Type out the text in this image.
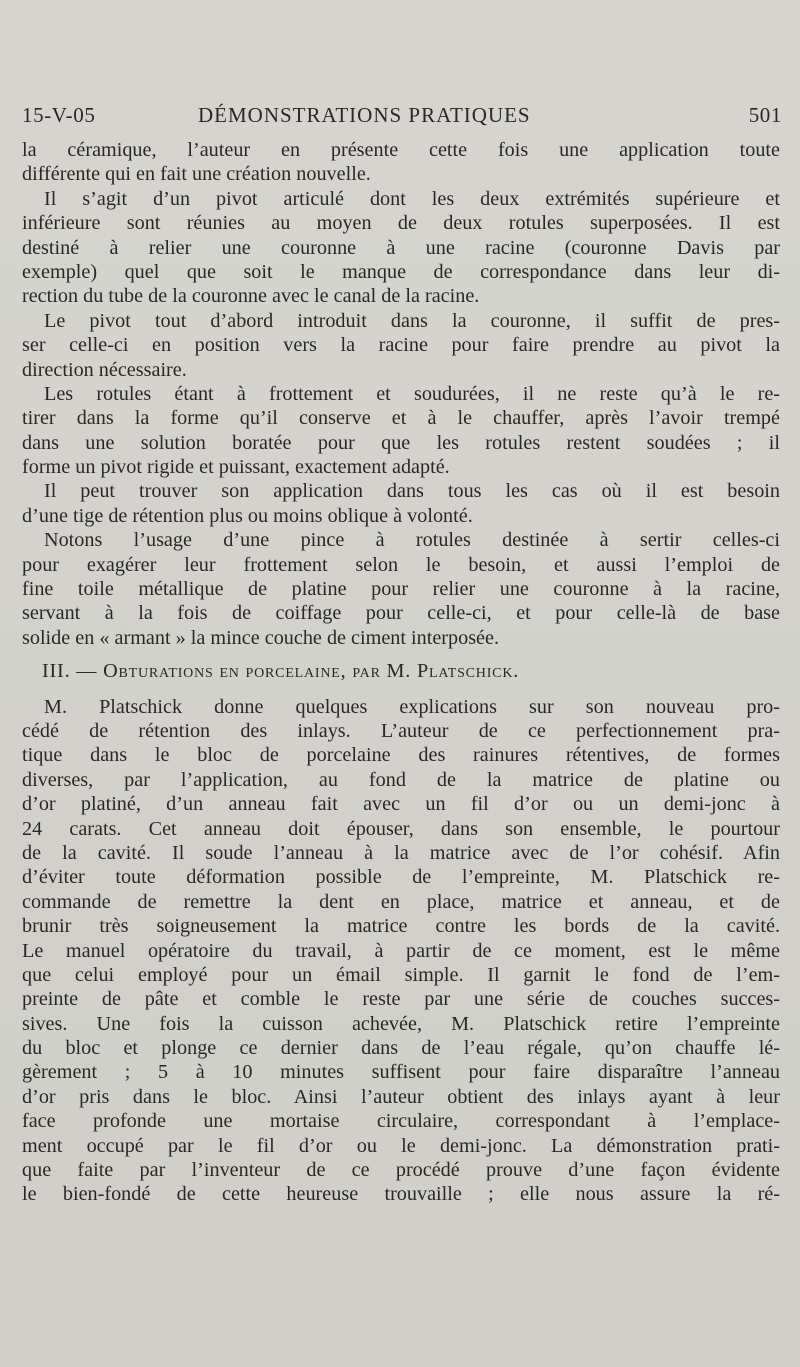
15-V-05	DÉMONSTRATIONS PRATIQUES	501
la céramique, l’auteur en présente cette fois une application toute
différente qui en fait une création nouvelle.
Il s’agit d’un pivot articulé dont les deux extrémités supérieure et
inférieure sont réunies au moyen de deux rotules superposées. Il est
destiné à relier une couronne à une racine (couronne Davis par
exemple) quel que soit le manque de correspondance dans leur di-
rection du tube de la couronne avec le canal de la racine.
Le pivot tout d’abord introduit dans la couronne, il suffit de pres-
ser celle-ci en position vers la racine pour faire prendre au pivot la
direction nécessaire.
Les rotules étant à frottement et soudurées, il ne reste qu’à le re-
tirer dans la forme qu’il conserve et à le chauffer, après l’avoir trempé
dans une solution boratée pour que les rotules restent soudées ; il
forme un pivot rigide et puissant, exactement adapté.
Il peut trouver son application dans tous les cas où il est besoin
d’une tige de rétention plus ou moins oblique à volonté.
Notons l’usage d’une pince à rotules destinée à sertir celles-ci
pour exagérer leur frottement selon le besoin, et aussi l’emploi de
fine toile métallique de platine pour relier une couronne à la racine,
servant à la fois de coiffage pour celle-ci, et pour celle-là de base
solide en « armant » la mince couche de ciment interposée.
III. — Obturations en porcelaine, par M. Platschick.
M. Platschick donne quelques explications sur son nouveau pro-
cédé de rétention des inlays. L’auteur de ce perfectionnement pra-
tique dans le bloc de porcelaine des rainures rétentives, de formes
diverses, par l’application, au fond de la matrice de platine ou
d’or platiné, d’un anneau fait avec un fil d’or ou un demi-jonc à
24 carats. Cet anneau doit épouser, dans son ensemble, le pourtour
de la cavité. Il soude l’anneau à la matrice avec de l’or cohésif. Afin
d’éviter toute déformation possible de l’empreinte, M. Platschick re-
commande de remettre la dent en place, matrice et anneau, et de
brunir très soigneusement la matrice contre les bords de la cavité.
Le manuel opératoire du travail, à partir de ce moment, est le même
que celui employé pour un émail simple. Il garnit le fond de l’em-
preinte de pâte et comble le reste par une série de couches succes-
sives. Une fois la cuisson achevée, M. Platschick retire l’empreinte
du bloc et plonge ce dernier dans de l’eau régale, qu’on chauffe lé-
gèrement ; 5 à 10 minutes suffisent pour faire disparaître l’anneau
d’or pris dans le bloc. Ainsi l’auteur obtient des inlays ayant à leur
face profonde une mortaise circulaire, correspondant à l’emplace-
ment occupé par le fil d’or ou le demi-jonc. La démonstration prati-
que faite par l’inventeur de ce procédé prouve d’une façon évidente
le bien-fondé de cette heureuse trouvaille ; elle nous assure la ré-
